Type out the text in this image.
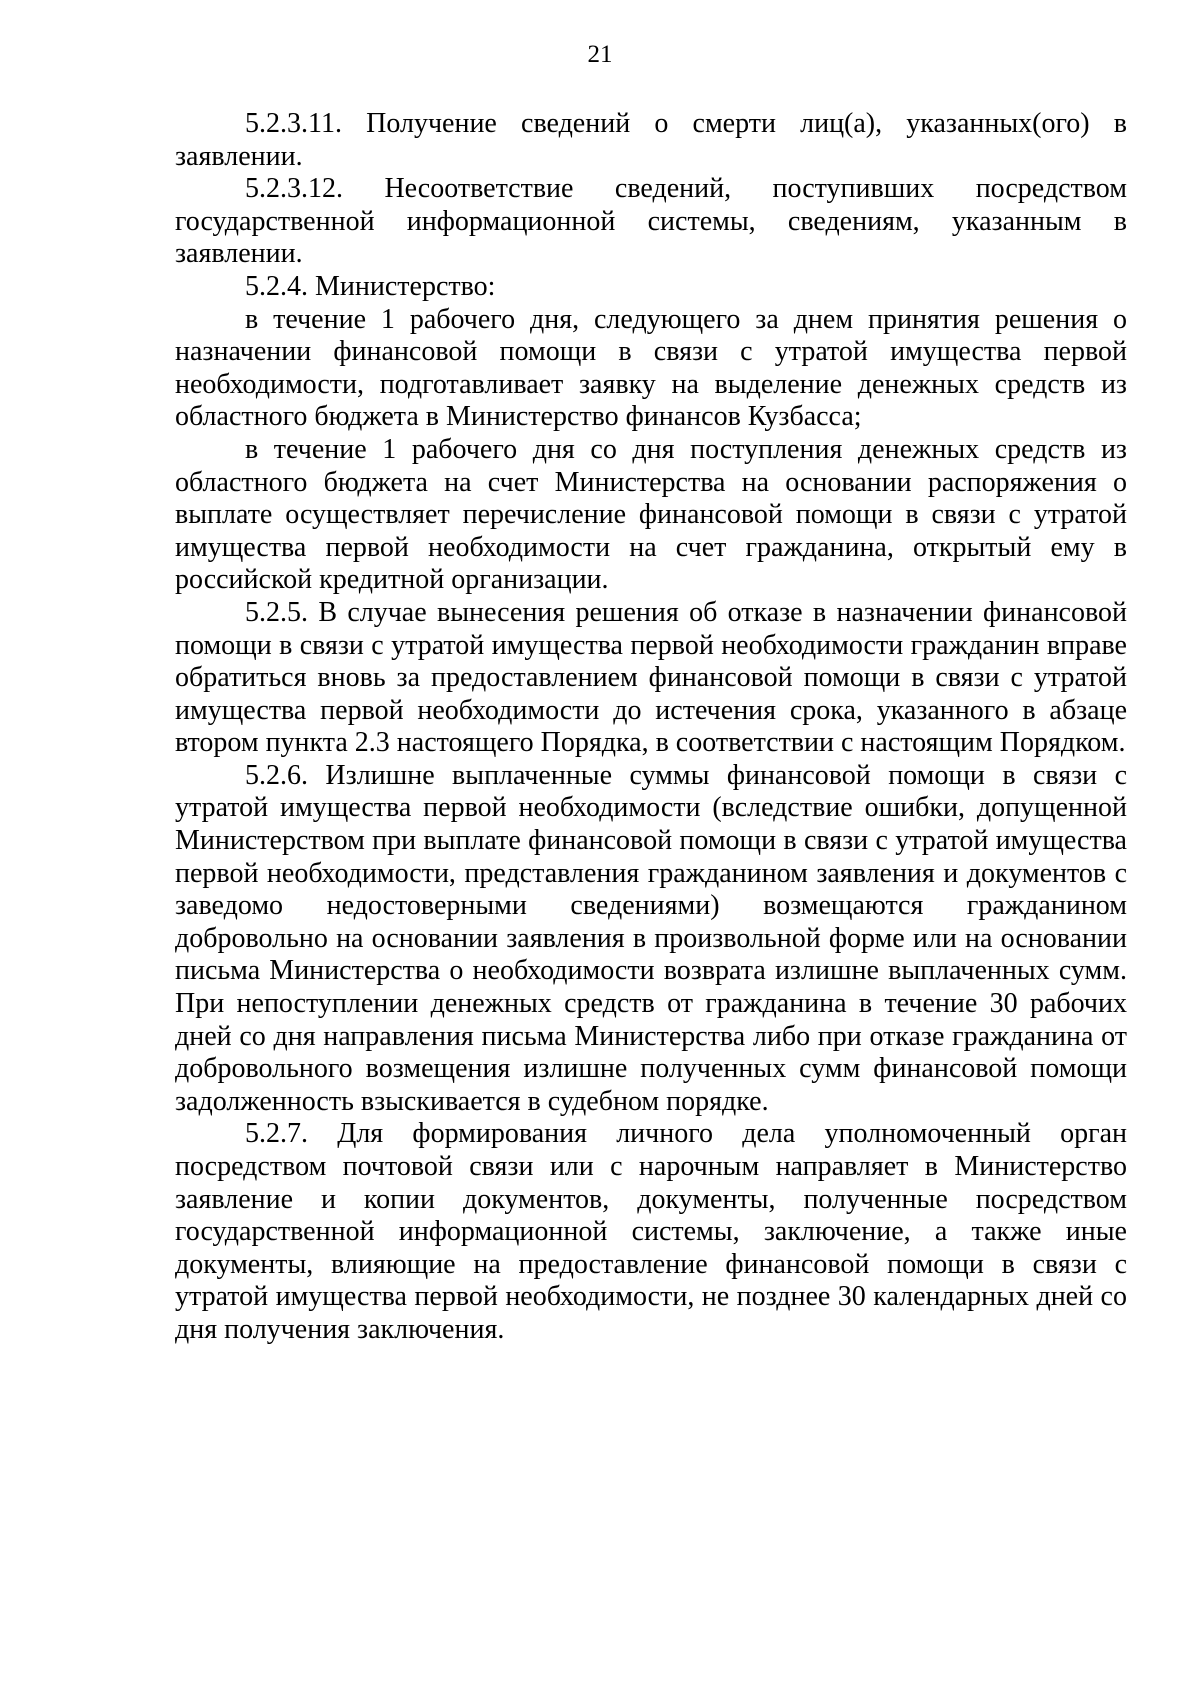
21

5.2.3.11. Получение сведений о смерти лиц(а), указанных(ого) в заявлении.

5.2.3.12. Несоответствие сведений, поступивших посредством государственной информационной системы, сведениям, указанным в заявлении.

5.2.4. Министерство:

в течение 1 рабочего дня, следующего за днем принятия решения о назначении финансовой помощи в связи с утратой имущества первой необходимости, подготавливает заявку на выделение денежных средств из областного бюджета в Министерство финансов Кузбасса;

в течение 1 рабочего дня со дня поступления денежных средств из областного бюджета на счет Министерства на основании распоряжения о выплате осуществляет перечисление финансовой помощи в связи с утратой имущества первой необходимости на счет гражданина, открытый ему в российской кредитной организации.

5.2.5. В случае вынесения решения об отказе в назначении финансовой помощи в связи с утратой имущества первой необходимости гражданин вправе обратиться вновь за предоставлением финансовой помощи в связи с утратой имущества первой необходимости до истечения срока, указанного в абзаце втором пункта 2.3 настоящего Порядка, в соответствии с настоящим Порядком.

5.2.6. Излишне выплаченные суммы финансовой помощи в связи с утратой имущества первой необходимости (вследствие ошибки, допущенной Министерством при выплате финансовой помощи в связи с утратой имущества первой необходимости, представления гражданином заявления и документов с заведомо недостоверными сведениями) возмещаются гражданином добровольно на основании заявления в произвольной форме или на основании письма Министерства о необходимости возврата излишне выплаченных сумм. При непоступлении денежных средств от гражданина в течение 30 рабочих дней со дня направления письма Министерства либо при отказе гражданина от добровольного возмещения излишне полученных сумм финансовой помощи задолженность взыскивается в судебном порядке.

5.2.7. Для формирования личного дела уполномоченный орган посредством почтовой связи или с нарочным направляет в Министерство заявление и копии документов, документы, полученные посредством государственной информационной системы, заключение, а также иные документы, влияющие на предоставление финансовой помощи в связи с утратой имущества первой необходимости, не позднее 30 календарных дней со дня получения заключения.
